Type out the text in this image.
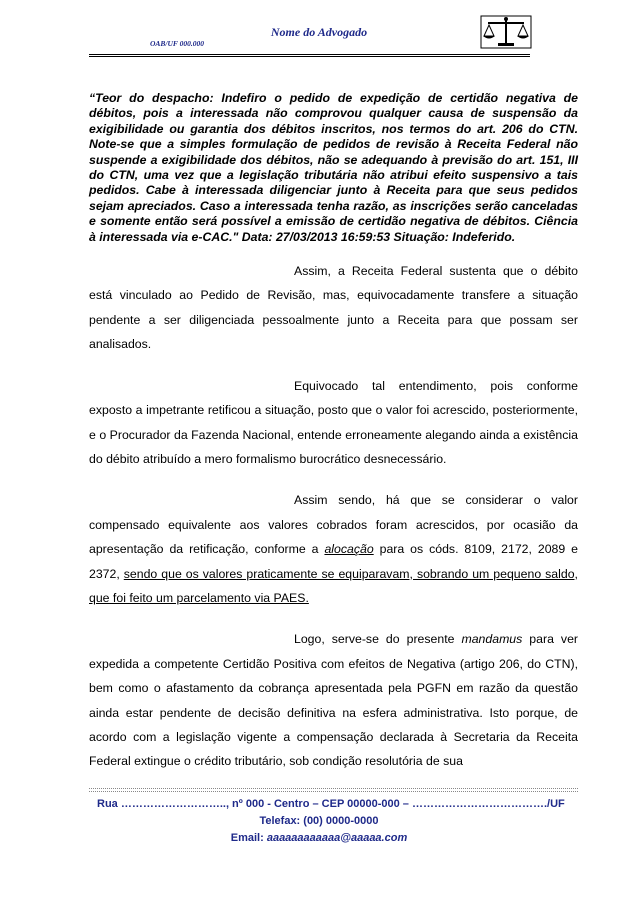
Nome do Advogado
OAB/UF 000.000

“Teor do despacho: Indefiro o pedido de expedição de certidão negativa de débitos, pois a interessada não comprovou qualquer causa de suspensão da exigibilidade ou garantia dos débitos inscritos, nos termos do art. 206 do CTN. Note-se que a simples formulação de pedidos de revisão à Receita Federal não suspende a exigibilidade dos débitos, não se adequando à previsão do art. 151, III do CTN, uma vez que a legislação tributária não atribui efeito suspensivo a tais pedidos. Cabe à interessada diligenciar junto à Receita para que seus pedidos sejam apreciados. Caso a interessada tenha razão, as inscrições serão canceladas e somente então será possível a emissão de certidão negativa de débitos. Ciência à interessada via e-CAC." Data: 27/03/2013 16:59:53 Situação: Indeferido.

Assim, a Receita Federal sustenta que o débito está vinculado ao Pedido de Revisão, mas, equivocadamente transfere a situação pendente a ser diligenciada pessoalmente junto a Receita para que possam ser analisados.

Equivocado tal entendimento, pois conforme exposto a impetrante retificou a situação, posto que o valor foi acrescido, posteriormente, e o Procurador da Fazenda Nacional, entende erroneamente alegando ainda a existência do débito atribuído a mero formalismo burocrático desnecessário.

Assim sendo, há que se considerar o valor compensado equivalente aos valores cobrados foram acrescidos, por ocasião da apresentação da retificação, conforme a alocação para os códs. 8109, 2172, 2089 e 2372, sendo que os valores praticamente se equiparavam, sobrando um pequeno saldo, que foi feito um parcelamento via PAES.

Logo, serve-se do presente mandamus para ver expedida a competente Certidão Positiva com efeitos de Negativa (artigo 206, do CTN), bem como o afastamento da cobrança apresentada pela PGFN em razão da questão ainda estar pendente de decisão definitiva na esfera administrativa. Isto porque, de acordo com a legislação vigente a compensação declarada à Secretaria da Receita Federal extingue o crédito tributário, sob condição resolutória de sua

Rua ……………………….., nº 000 - Centro – CEP 00000-000 – ………………………………./UF
Telefax: (00) 0000-0000
Email: aaaaaaaaaaaa@aaaaa.com
